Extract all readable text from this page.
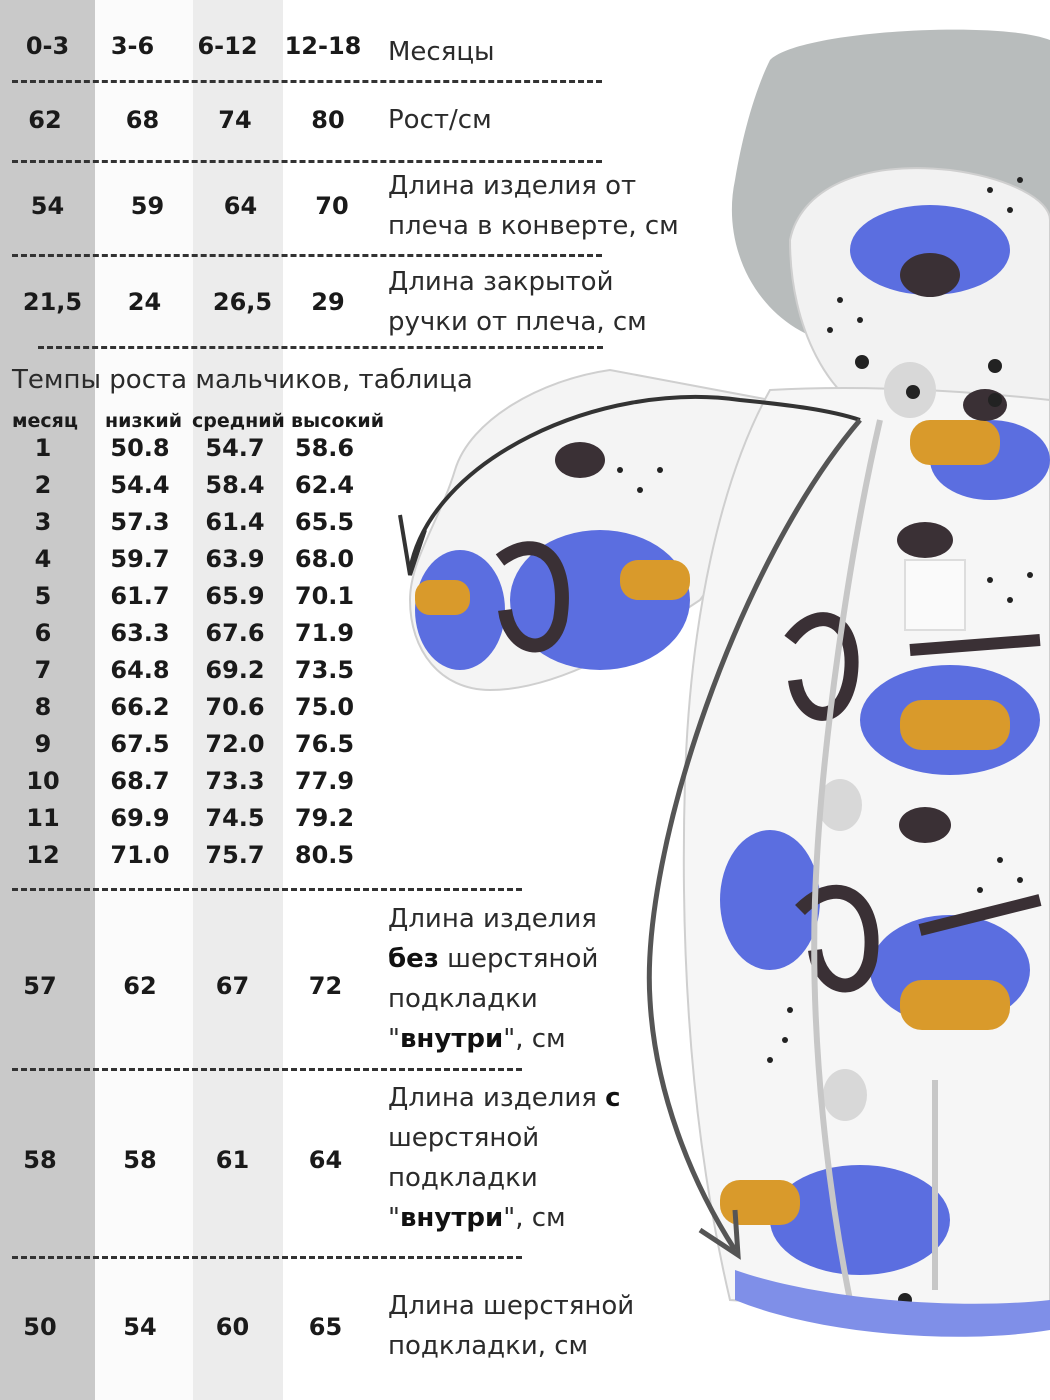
0-3	3-6	6-12	12-18 Месяцы
62	68	74	80	Рост/см
54	59	64	70
Длина изделия от
плеча в конверте, см
21,5	24	26,5	29
Длина закрытой
ручки от плеча, см
Темпы роста мальчиков, таблица
месяц низкий средний высокий
1	50.8	54.7	58.6
2	54.4	58.4	62.4
3	57.3	61.4	65.5
4	59.7	63.9	68.0
5	61.7	65.9	70.1
6	63.3	67.6	71.9
7	64.8	69.2	73.5
8	66.2	70.6	75.0
9	67.5	72.0	76.5
10	68.7	73.3	77.9
11	69.9	74.5	79.2
12	71.0	75.7	80.5
57	62	67	72
Длина изделия
без шерстяной
подкладки
"внутри", см
58	58	61	64
Длина изделия с
шерстяной
подкладки
"внутри", см
50	54	60	65
Длина шерстяной
подкладки, см
